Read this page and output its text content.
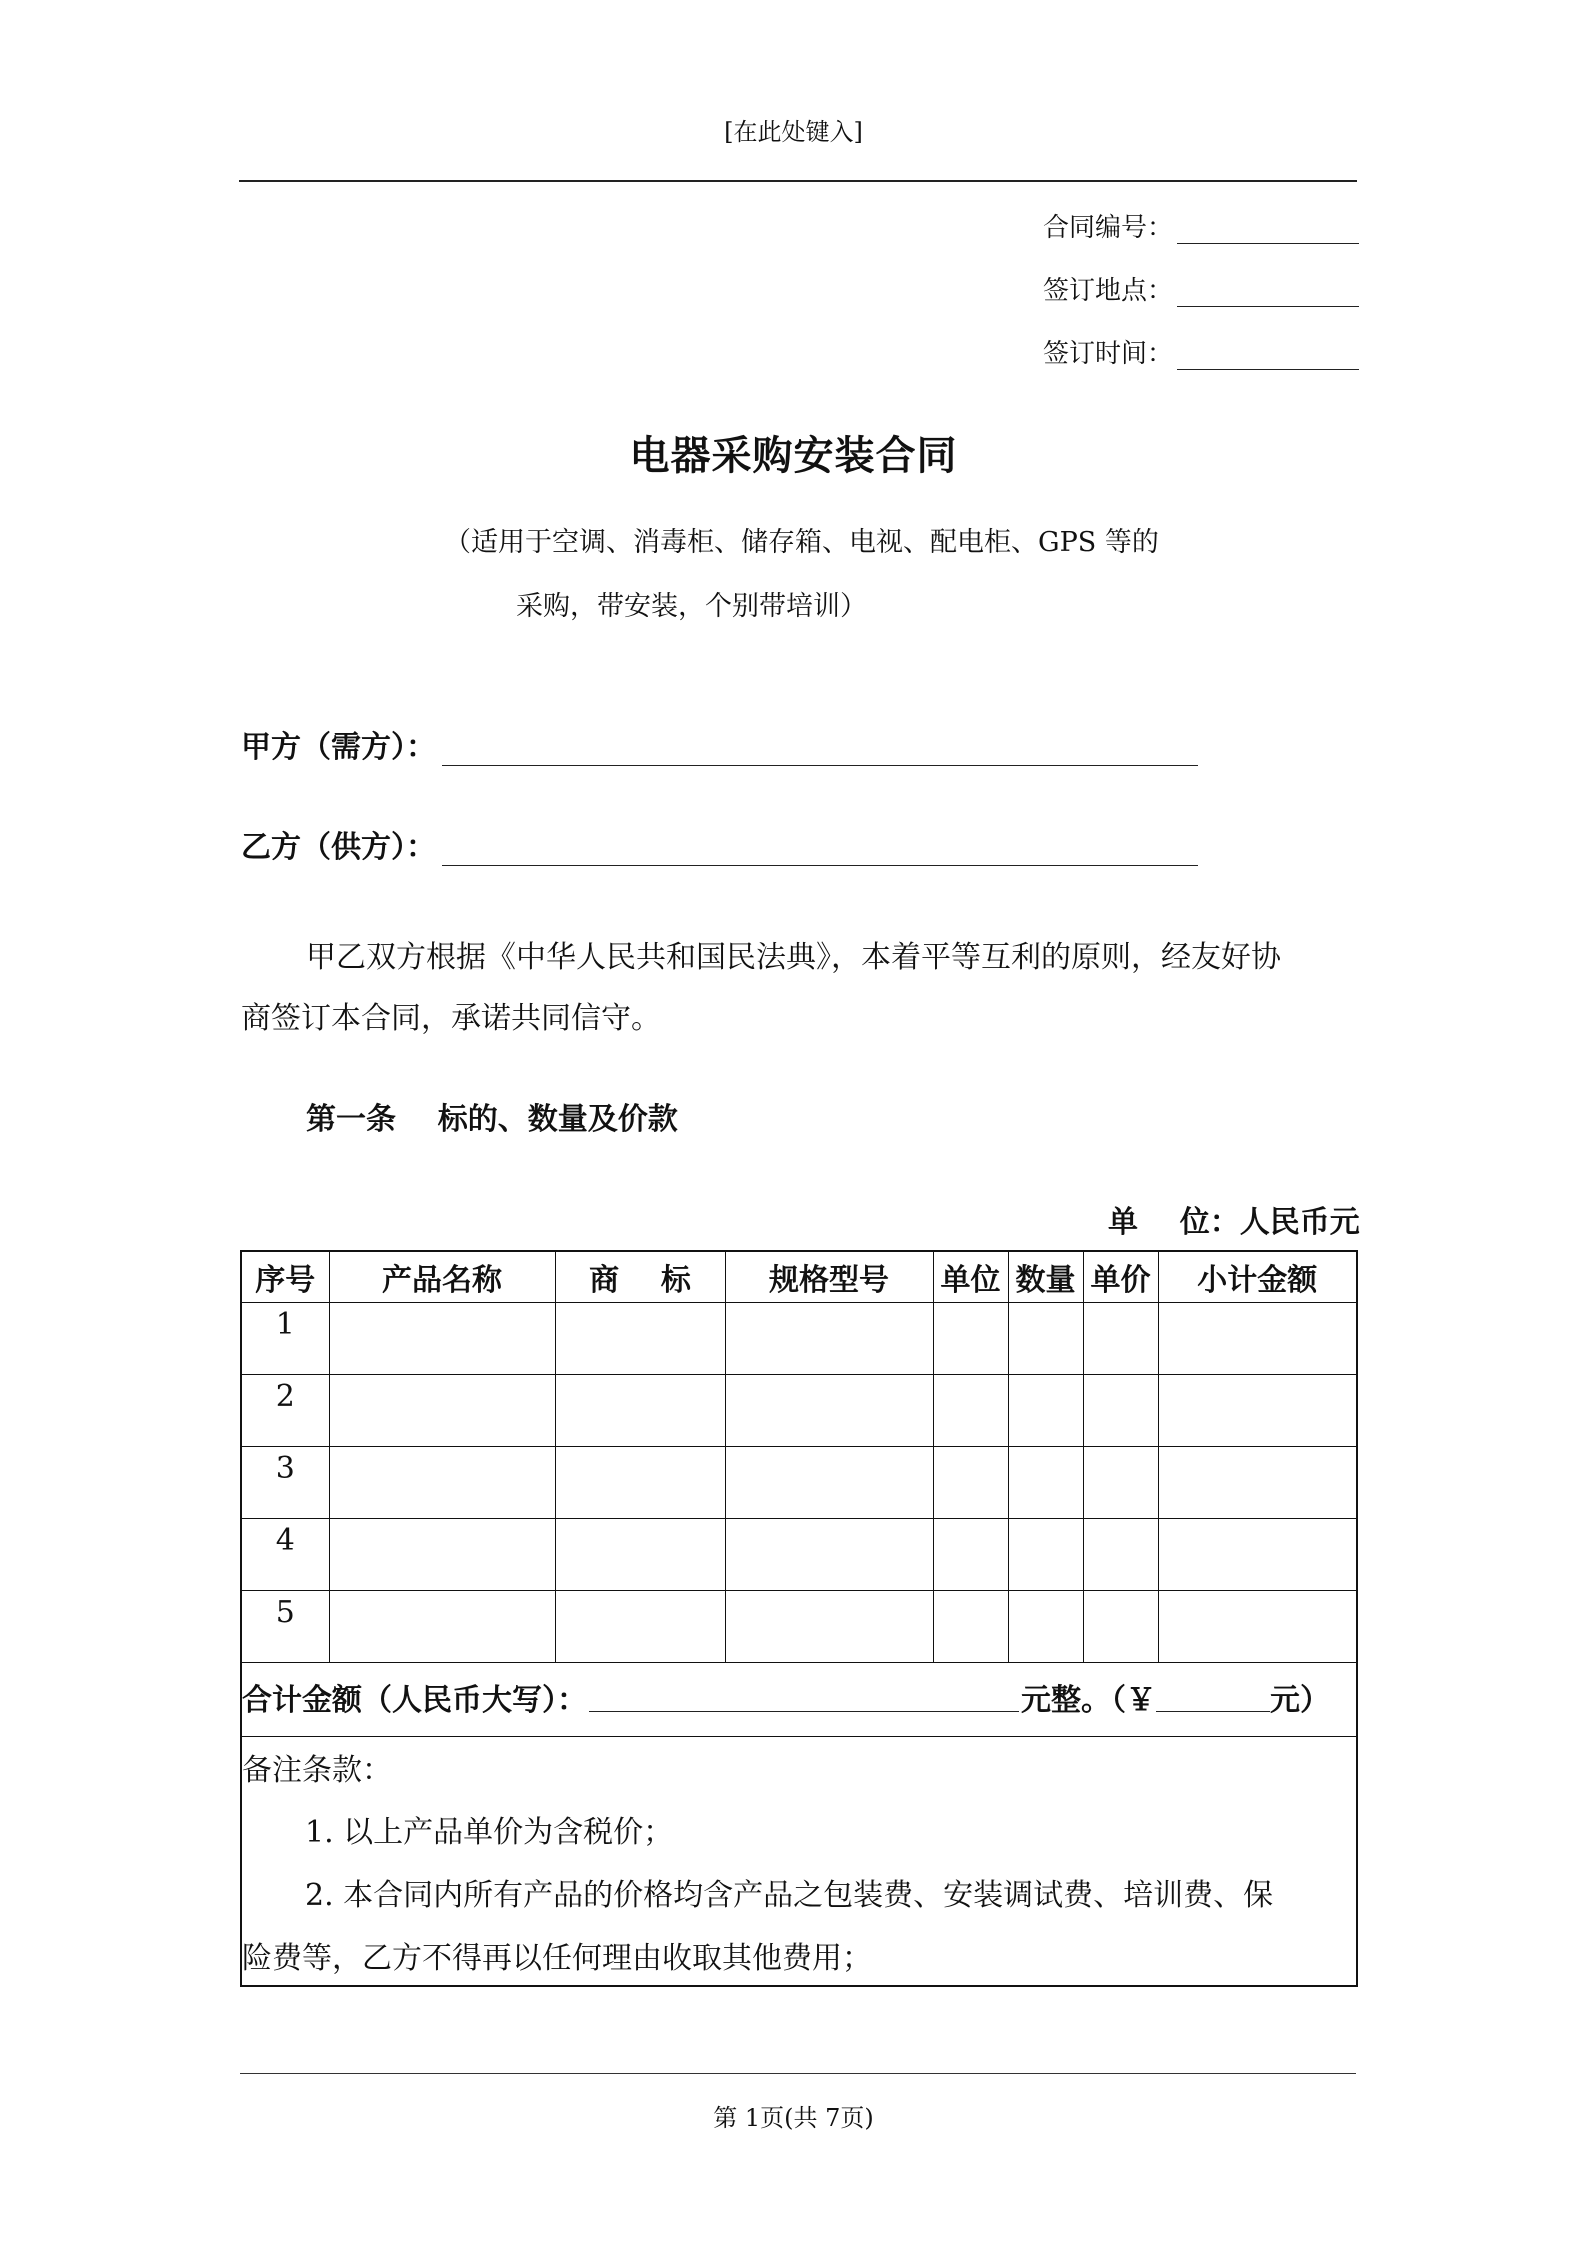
[在此处键入]
合同编号：
签订地点：
签订时间：
电器采购安装合同
（适用于空调、消毒柜、储存箱、电视、配电柜、GPS 等的
采购，带安装，个别带培训）
甲方（需方）：
乙方（供方）：
甲乙双方根据《中华人民共和国民法典》，本着平等互利的原则，经友好协
商签订本合同，承诺共同信守。
第一条    标的、数量及价款
单    位：人民币元
序号	产品名称	商    标	规格型号	单位	数量	单价	小计金额
1							
2							
3							
4							
5							
合计金额（人民币大写）：	元整。（￥	元）
备注条款：
1. 以上产品单价为含税价；
2. 本合同内所有产品的价格均含产品之包装费、安装调试费、培训费、保
险费等，乙方不得再以任何理由收取其他费用；
第 1页(共 7页)
